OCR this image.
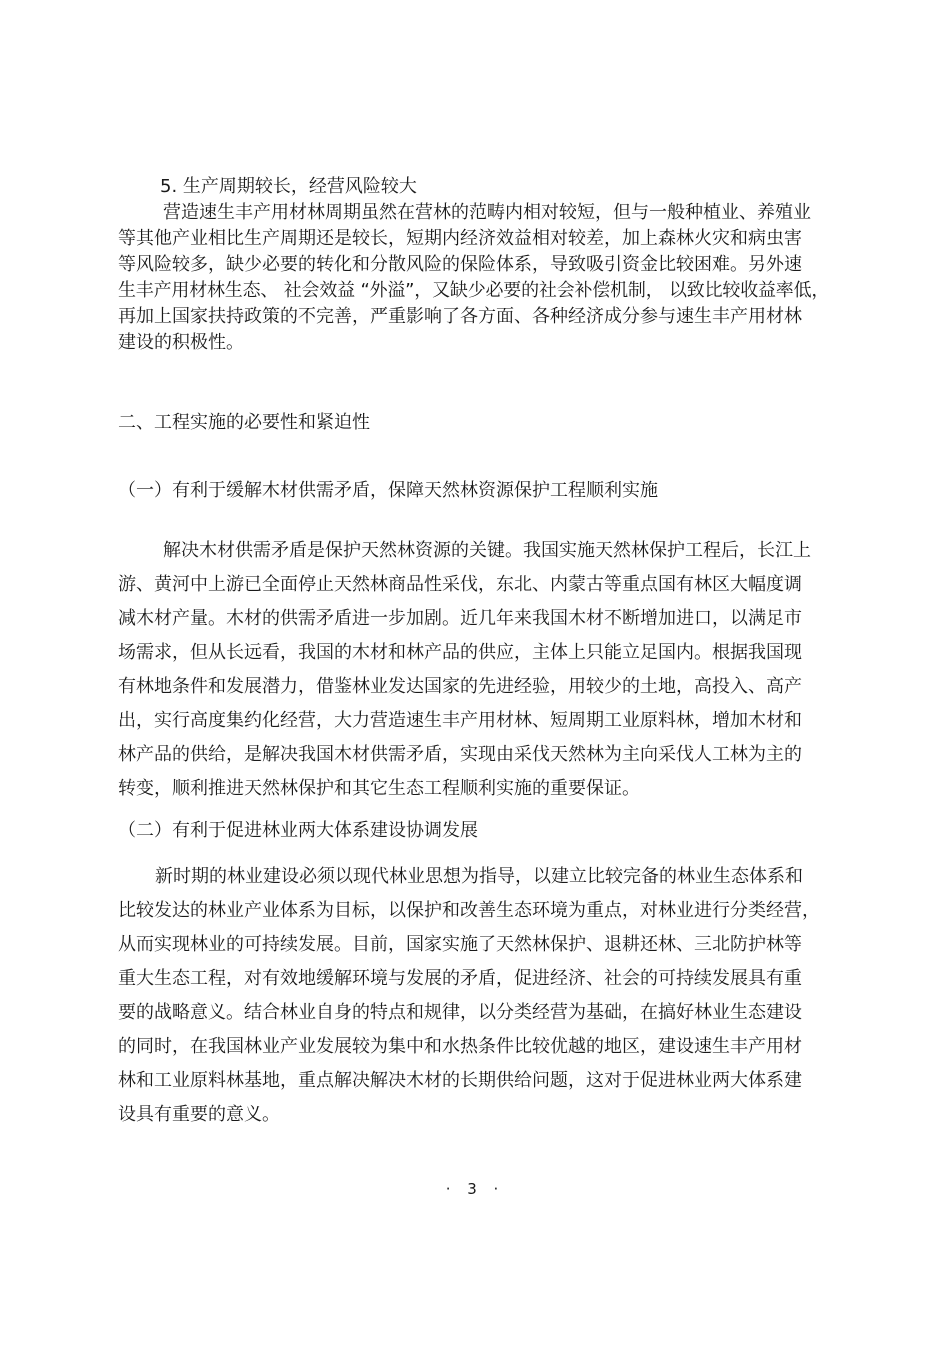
5. 生产周期较长，经营风险较大
营造速生丰产用材林周期虽然在营林的范畴内相对较短，但与一般种植业、养殖业
等其他产业相比生产周期还是较长，短期内经济效益相对较差，加上森林火灾和病虫害
等风险较多，缺少必要的转化和分散风险的保险体系，导致吸引资金比较困难。另外速
生丰产用材林生态、 社会效益 “外溢”，又缺少必要的社会补偿机制， 以致比较收益率低，
再加上国家扶持政策的不完善，严重影响了各方面、各种经济成分参与速生丰产用材林
建设的积极性。
二、工程实施的必要性和紧迫性
（一）有利于缓解木材供需矛盾，保障天然林资源保护工程顺利实施
解决木材供需矛盾是保护天然林资源的关键。我国实施天然林保护工程后，长江上
游、黄河中上游已全面停止天然林商品性采伐，东北、内蒙古等重点国有林区大幅度调
减木材产量。木材的供需矛盾进一步加剧。近几年来我国木材不断增加进口，以满足市
场需求，但从长远看，我国的木材和林产品的供应，主体上只能立足国内。根据我国现
有林地条件和发展潜力，借鉴林业发达国家的先进经验，用较少的土地，高投入、高产
出，实行高度集约化经营，大力营造速生丰产用材林、短周期工业原料林，增加木材和
林产品的供给，是解决我国木材供需矛盾，实现由采伐天然林为主向采伐人工林为主的
转变，顺利推进天然林保护和其它生态工程顺利实施的重要保证。
（二）有利于促进林业两大体系建设协调发展
新时期的林业建设必须以现代林业思想为指导，以建立比较完备的林业生态体系和
比较发达的林业产业体系为目标，以保护和改善生态环境为重点，对林业进行分类经营，
从而实现林业的可持续发展。目前，国家实施了天然林保护、退耕还林、三北防护林等
重大生态工程，对有效地缓解环境与发展的矛盾，促进经济、社会的可持续发展具有重
要的战略意义。结合林业自身的特点和规律，以分类经营为基础，在搞好林业生态建设
的同时，在我国林业产业发展较为集中和水热条件比较优越的地区，建设速生丰产用材
林和工业原料林基地，重点解决解决木材的长期供给问题，这对于促进林业两大体系建
设具有重要的意义。
· 3 ·
